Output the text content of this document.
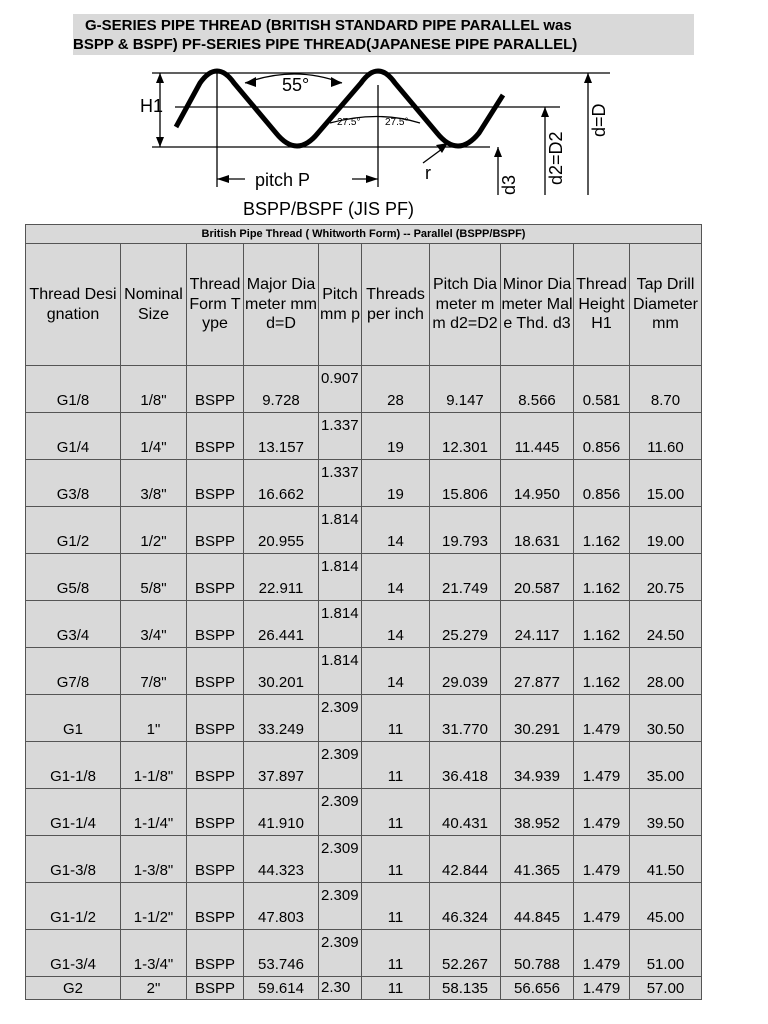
G-SERIES PIPE THREAD (BRITISH STANDARD PIPE PARALLEL was
BSPP & BSPF) PF-SERIES PIPE THREAD(JAPANESE PIPE PARALLEL)
55°
27.5° 27.5°
H1
pitch P	r
d3 d2=D2
d=D
BSPP/BSPF (JIS PF)
British Pipe Thread ( Whitworth Form) -- Parallel (BSPP/BSPF)									
Thread Designation	Nominal Size	Thread Form Type	Major Diameter mm d=D	Pitch mm p	Threads per inch	Pitch Diameter mm d2=D2	Minor Diameter Male Thd. d3	Thread Height H1	Tap Drill Diameter mm
G1/8	1/8"	BSPP	9.728	0.907	28	9.147	8.566	0.581	8.70
G1/4	1/4"	BSPP	13.157	1.337	19	12.301	11.445	0.856	11.60
G3/8	3/8"	BSPP	16.662	1.337	19	15.806	14.950	0.856	15.00
G1/2	1/2"	BSPP	20.955	1.814	14	19.793	18.631	1.162	19.00
G5/8	5/8"	BSPP	22.911	1.814	14	21.749	20.587	1.162	20.75
G3/4	3/4"	BSPP	26.441	1.814	14	25.279	24.117	1.162	24.50
G7/8	7/8"	BSPP	30.201	1.814	14	29.039	27.877	1.162	28.00
G1	1"	BSPP	33.249	2.309	11	31.770	30.291	1.479	30.50
G1-1/8	1-1/8"	BSPP	37.897	2.309	11	36.418	34.939	1.479	35.00
G1-1/4	1-1/4"	BSPP	41.910	2.309	11	40.431	38.952	1.479	39.50
G1-3/8	1-3/8"	BSPP	44.323	2.309	11	42.844	41.365	1.479	41.50
G1-1/2	1-1/2"	BSPP	47.803	2.309	11	46.324	44.845	1.479	45.00
G1-3/4	1-3/4"	BSPP	53.746	2.309	11	52.267	50.788	1.479	51.00
G2	2"	BSPP	59.614	2.30	11	58.135	56.656	1.479	57.00
